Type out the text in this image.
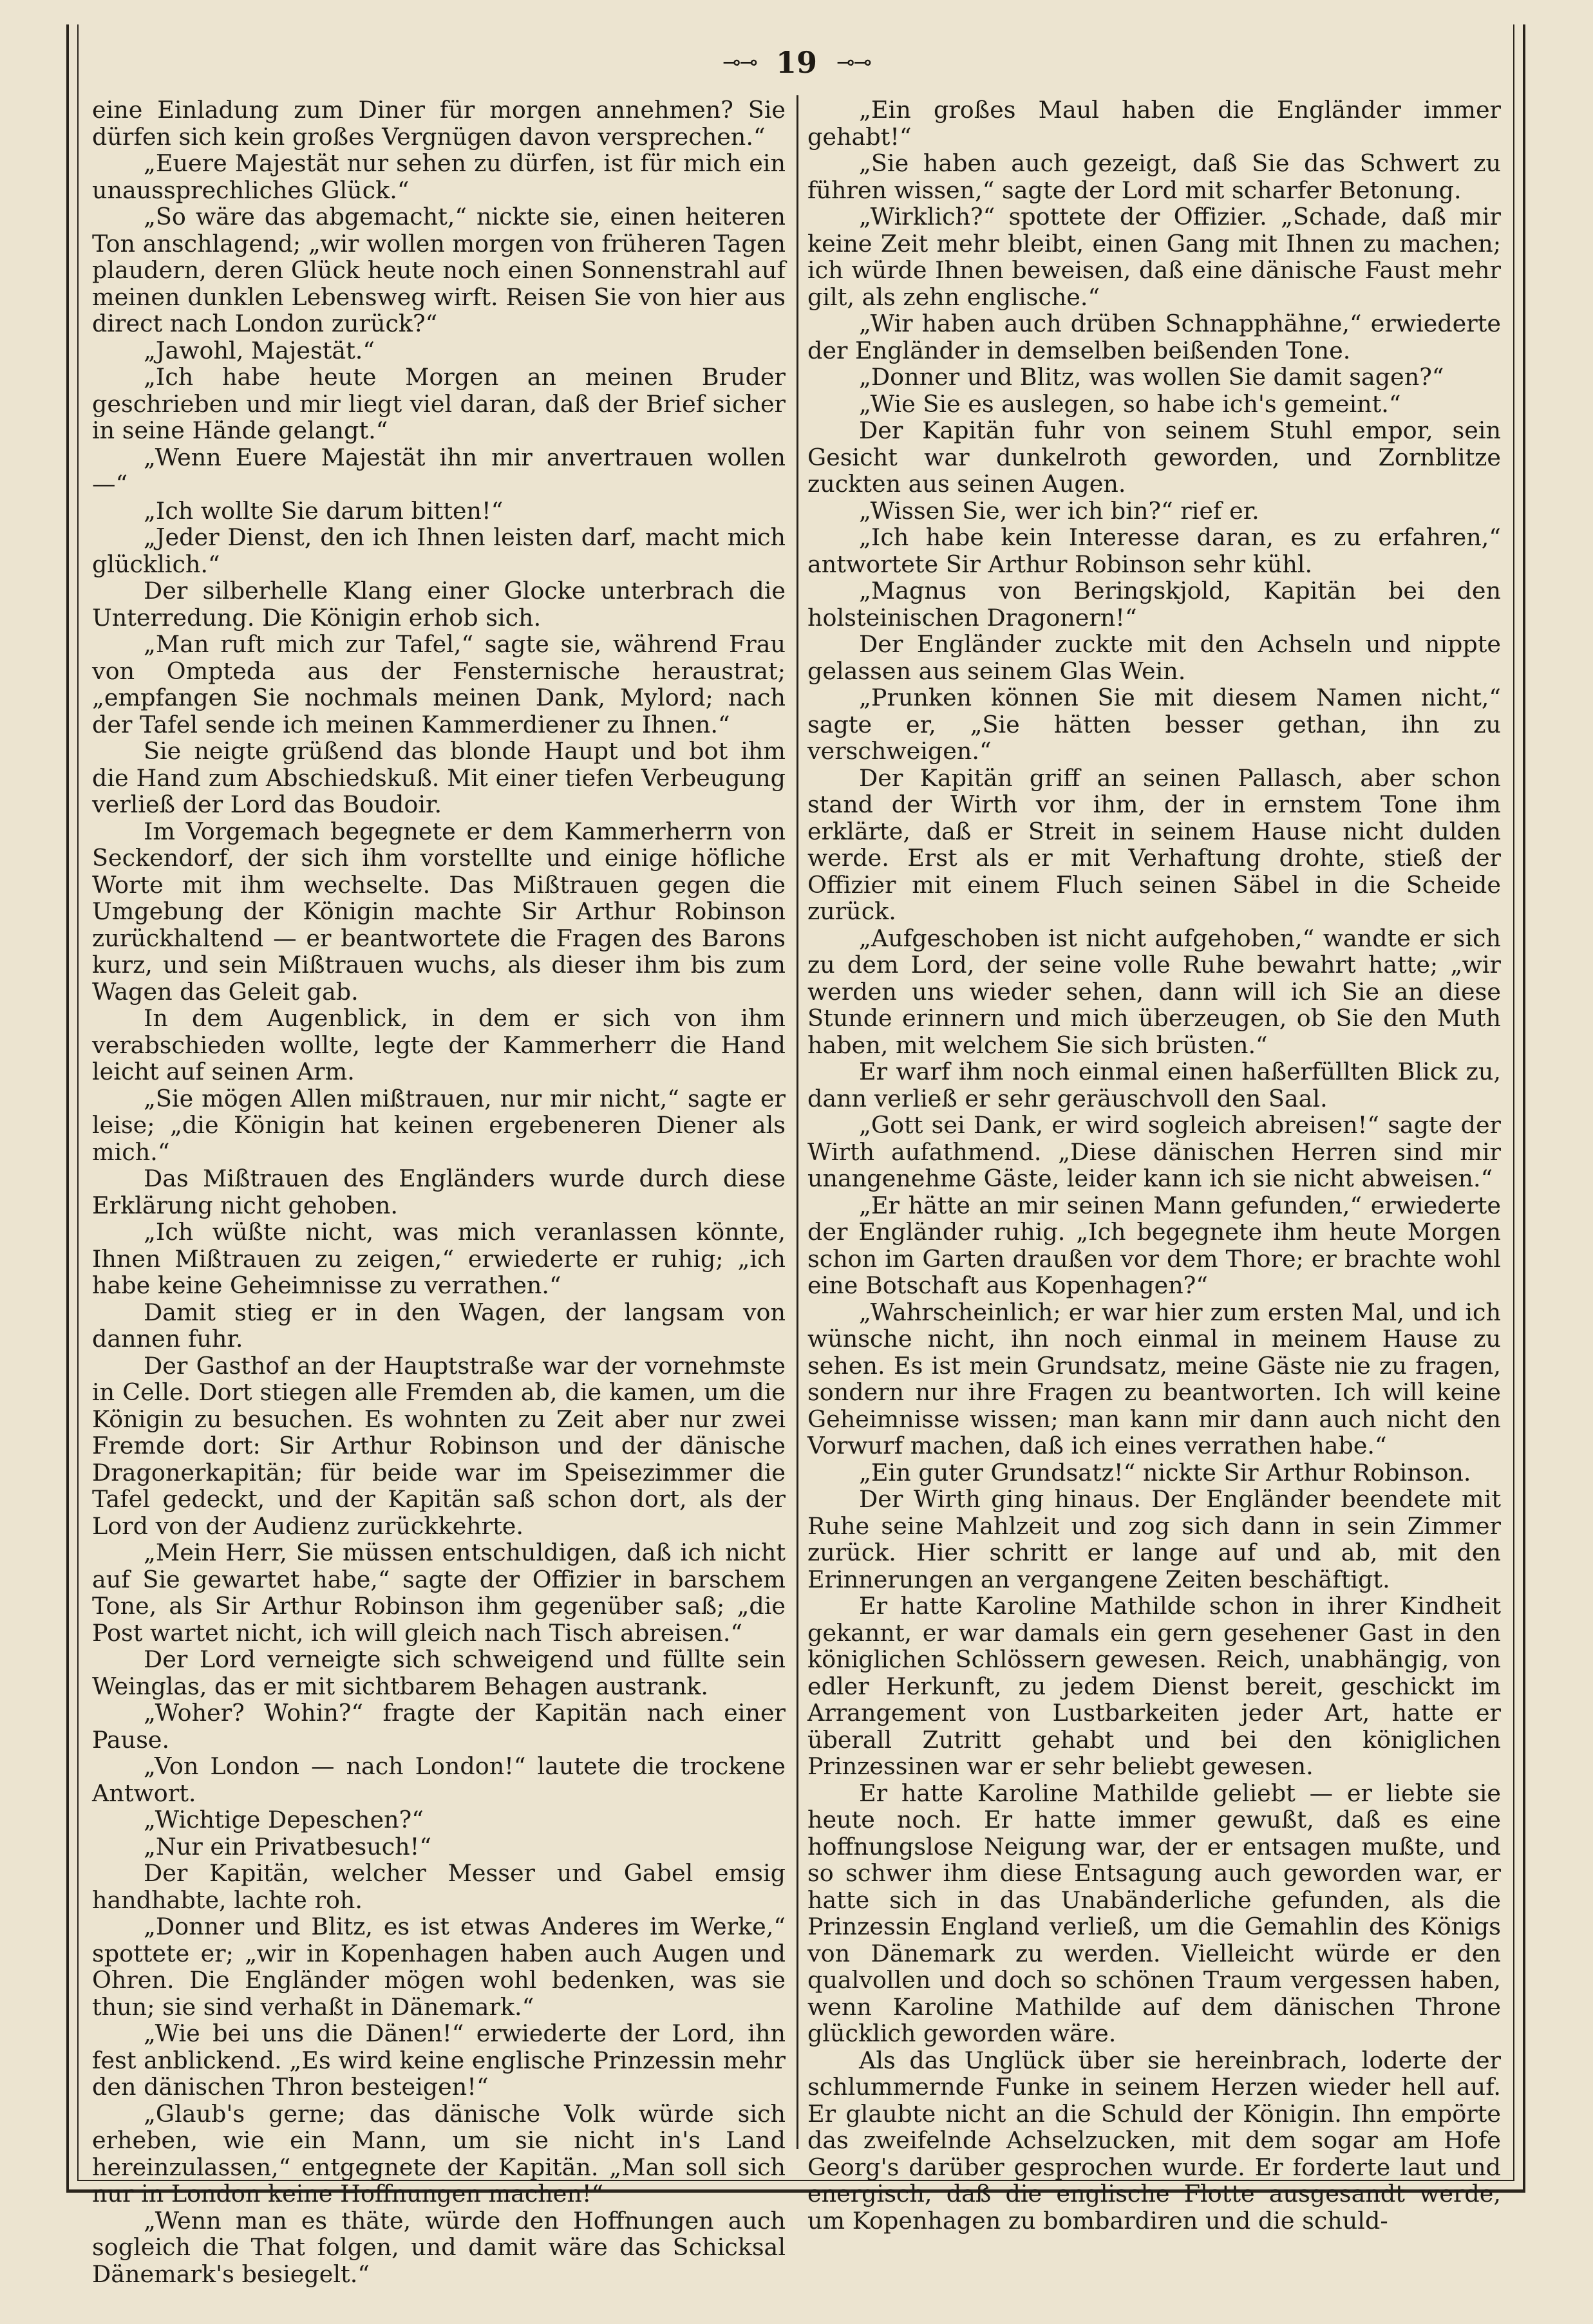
⊸⊸ 19 ⊸⊸

eine Einladung zum Diner für morgen annehmen? Sie dürfen sich kein großes Vergnügen davon versprechen.“

„Euere Majestät nur sehen zu dürfen, ist für mich ein unaussprechliches Glück.“

„So wäre das abgemacht,“ nickte sie, einen heiteren Ton anschlagend; „wir wollen morgen von früheren Tagen plaudern, deren Glück heute noch einen Sonnenstrahl auf meinen dunklen Lebensweg wirft. Reisen Sie von hier aus direct nach London zurück?“

„Jawohl, Majestät.“

„Ich habe heute Morgen an meinen Bruder geschrieben und mir liegt viel daran, daß der Brief sicher in seine Hände gelangt.“

„Wenn Euere Majestät ihn mir anvertrauen wollen —“

„Ich wollte Sie darum bitten!“

„Jeder Dienst, den ich Ihnen leisten darf, macht mich glücklich.“

Der silberhelle Klang einer Glocke unterbrach die Unterredung. Die Königin erhob sich.

„Man ruft mich zur Tafel,“ sagte sie, während Frau von Ompteda aus der Fensternische heraustrat; „empfangen Sie nochmals meinen Dank, Mylord; nach der Tafel sende ich meinen Kammerdiener zu Ihnen.“

Sie neigte grüßend das blonde Haupt und bot ihm die Hand zum Abschiedskuß. Mit einer tiefen Verbeugung verließ der Lord das Boudoir.

Im Vorgemach begegnete er dem Kammerherrn von Seckendorf, der sich ihm vorstellte und einige höfliche Worte mit ihm wechselte. Das Mißtrauen gegen die Umgebung der Königin machte Sir Arthur Robinson zurückhaltend — er beantwortete die Fragen des Barons kurz, und sein Mißtrauen wuchs, als dieser ihm bis zum Wagen das Geleit gab.

In dem Augenblick, in dem er sich von ihm verabschieden wollte, legte der Kammerherr die Hand leicht auf seinen Arm.

„Sie mögen Allen mißtrauen, nur mir nicht,“ sagte er leise; „die Königin hat keinen ergebeneren Diener als mich.“

Das Mißtrauen des Engländers wurde durch diese Erklärung nicht gehoben.

„Ich wüßte nicht, was mich veranlassen könnte, Ihnen Mißtrauen zu zeigen,“ erwiederte er ruhig; „ich habe keine Geheimnisse zu verrathen.“

Damit stieg er in den Wagen, der langsam von dannen fuhr.

Der Gasthof an der Hauptstraße war der vornehmste in Celle. Dort stiegen alle Fremden ab, die kamen, um die Königin zu besuchen. Es wohnten zu Zeit aber nur zwei Fremde dort: Sir Arthur Robinson und der dänische Dragonerkapitän; für beide war im Speisezimmer die Tafel gedeckt, und der Kapitän saß schon dort, als der Lord von der Audienz zurückkehrte.

„Mein Herr, Sie müssen entschuldigen, daß ich nicht auf Sie gewartet habe,“ sagte der Offizier in barschem Tone, als Sir Arthur Robinson ihm gegenüber saß; „die Post wartet nicht, ich will gleich nach Tisch abreisen.“

Der Lord verneigte sich schweigend und füllte sein Weinglas, das er mit sichtbarem Behagen austrank.

„Woher? Wohin?“ fragte der Kapitän nach einer Pause.

„Von London — nach London!“ lautete die trockene Antwort.

„Wichtige Depeschen?“

„Nur ein Privatbesuch!“

Der Kapitän, welcher Messer und Gabel emsig handhabte, lachte roh.

„Donner und Blitz, es ist etwas Anderes im Werke,“ spottete er; „wir in Kopenhagen haben auch Augen und Ohren. Die Engländer mögen wohl bedenken, was sie thun; sie sind verhaßt in Dänemark.“

„Wie bei uns die Dänen!“ erwiederte der Lord, ihn fest anblickend. „Es wird keine englische Prinzessin mehr den dänischen Thron besteigen!“

„Glaub's gerne; das dänische Volk würde sich erheben, wie ein Mann, um sie nicht in's Land hereinzulassen,“ entgegnete der Kapitän. „Man soll sich nur in London keine Hoffnungen machen!“

„Wenn man es thäte, würde den Hoffnungen auch sogleich die That folgen, und damit wäre das Schicksal Dänemark's besiegelt.“

„Ein großes Maul haben die Engländer immer gehabt!“

„Sie haben auch gezeigt, daß Sie das Schwert zu führen wissen,“ sagte der Lord mit scharfer Betonung.

„Wirklich?“ spottete der Offizier. „Schade, daß mir keine Zeit mehr bleibt, einen Gang mit Ihnen zu machen; ich würde Ihnen beweisen, daß eine dänische Faust mehr gilt, als zehn englische.“

„Wir haben auch drüben Schnapphähne,“ erwiederte der Engländer in demselben beißenden Tone.

„Donner und Blitz, was wollen Sie damit sagen?“

„Wie Sie es auslegen, so habe ich's gemeint.“

Der Kapitän fuhr von seinem Stuhl empor, sein Gesicht war dunkelroth geworden, und Zornblitze zuckten aus seinen Augen.

„Wissen Sie, wer ich bin?“ rief er.

„Ich habe kein Interesse daran, es zu erfahren,“ antwortete Sir Arthur Robinson sehr kühl.

„Magnus von Beringskjold, Kapitän bei den holsteinischen Dragonern!“

Der Engländer zuckte mit den Achseln und nippte gelassen aus seinem Glas Wein.

„Prunken können Sie mit diesem Namen nicht,“ sagte er, „Sie hätten besser gethan, ihn zu verschweigen.“

Der Kapitän griff an seinen Pallasch, aber schon stand der Wirth vor ihm, der in ernstem Tone ihm erklärte, daß er Streit in seinem Hause nicht dulden werde. Erst als er mit Verhaftung drohte, stieß der Offizier mit einem Fluch seinen Säbel in die Scheide zurück.

„Aufgeschoben ist nicht aufgehoben,“ wandte er sich zu dem Lord, der seine volle Ruhe bewahrt hatte; „wir werden uns wieder sehen, dann will ich Sie an diese Stunde erinnern und mich überzeugen, ob Sie den Muth haben, mit welchem Sie sich brüsten.“

Er warf ihm noch einmal einen haßerfüllten Blick zu, dann verließ er sehr geräuschvoll den Saal.

„Gott sei Dank, er wird sogleich abreisen!“ sagte der Wirth aufathmend. „Diese dänischen Herren sind mir unangenehme Gäste, leider kann ich sie nicht abweisen.“

„Er hätte an mir seinen Mann gefunden,“ erwiederte der Engländer ruhig. „Ich begegnete ihm heute Morgen schon im Garten draußen vor dem Thore; er brachte wohl eine Botschaft aus Kopenhagen?“

„Wahrscheinlich; er war hier zum ersten Mal, und ich wünsche nicht, ihn noch einmal in meinem Hause zu sehen. Es ist mein Grundsatz, meine Gäste nie zu fragen, sondern nur ihre Fragen zu beantworten. Ich will keine Geheimnisse wissen; man kann mir dann auch nicht den Vorwurf machen, daß ich eines verrathen habe.“

„Ein guter Grundsatz!“ nickte Sir Arthur Robinson.

Der Wirth ging hinaus. Der Engländer beendete mit Ruhe seine Mahlzeit und zog sich dann in sein Zimmer zurück. Hier schritt er lange auf und ab, mit den Erinnerungen an vergangene Zeiten beschäftigt.

Er hatte Karoline Mathilde schon in ihrer Kindheit gekannt, er war damals ein gern gesehener Gast in den königlichen Schlössern gewesen. Reich, unabhängig, von edler Herkunft, zu jedem Dienst bereit, geschickt im Arrangement von Lustbarkeiten jeder Art, hatte er überall Zutritt gehabt und bei den königlichen Prinzessinen war er sehr beliebt gewesen.

Er hatte Karoline Mathilde geliebt — er liebte sie heute noch. Er hatte immer gewußt, daß es eine hoffnungslose Neigung war, der er entsagen mußte, und so schwer ihm diese Entsagung auch geworden war, er hatte sich in das Unabänderliche gefunden, als die Prinzessin England verließ, um die Gemahlin des Königs von Dänemark zu werden. Vielleicht würde er den qualvollen und doch so schönen Traum vergessen haben, wenn Karoline Mathilde auf dem dänischen Throne glücklich geworden wäre.

Als das Unglück über sie hereinbrach, loderte der schlummernde Funke in seinem Herzen wieder hell auf. Er glaubte nicht an die Schuld der Königin. Ihn empörte das zweifelnde Achselzucken, mit dem sogar am Hofe Georg's darüber gesprochen wurde. Er forderte laut und energisch, daß die englische Flotte ausgesandt werde, um Kopenhagen zu bombardiren und die schuld-
